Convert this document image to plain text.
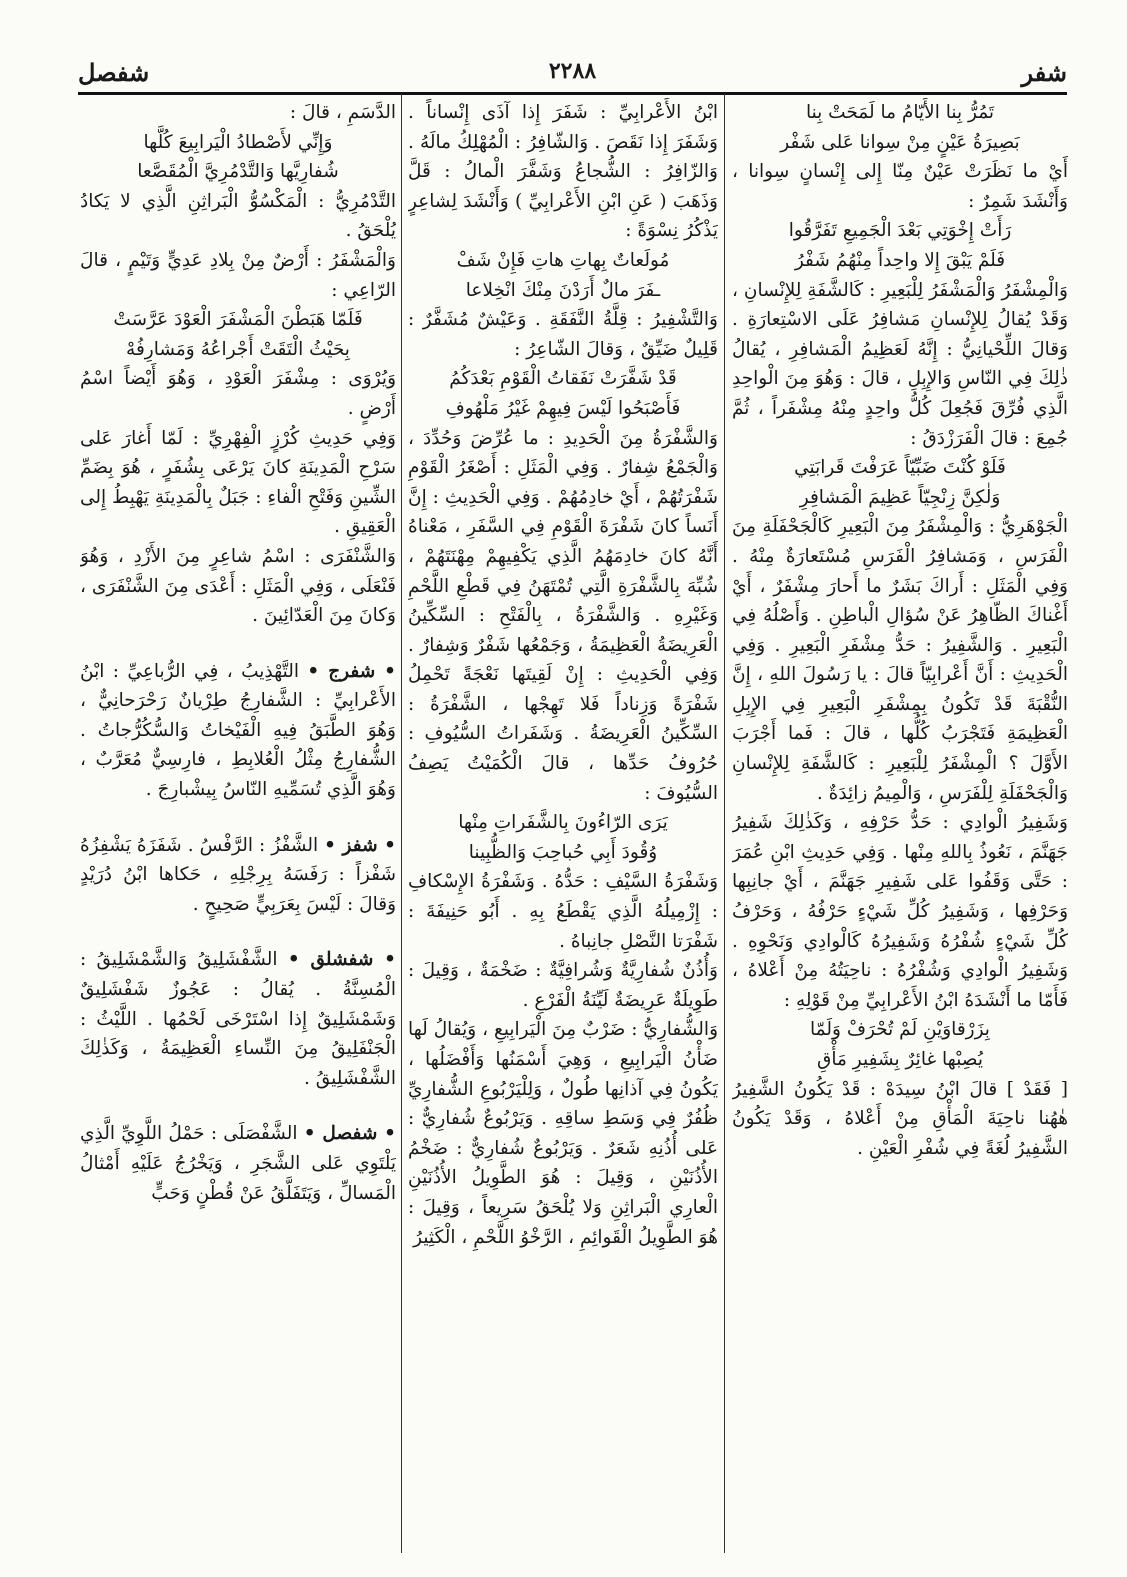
شفر
٢٢٨٨
شفصل

تَمُرُّ بِنا الأَيّامُ ما لَمَحَتْ بِنا

بَصِيرَةُ عَيْنٍ مِنْ سِوانا عَلى شَفْر

أَيْ ما نَظَرَتْ عَيْنٌ مِنّا إِلى إِنْسانٍ سِوانا ، وَأَنْشَدَ شَمِرٌ :

رَأَتْ إِخْوَتِي بَعْدَ الْجَمِيعِ تَفَرَّقُوا

فَلَمْ يَبْقَ إِلا واحِداً مِنْهُمُ شَفْرُ

وَالْمِشْفَرُ وَالْمَشْفَرُ لِلْبَعِيرِ : كَالشَّفَةِ لِلإِنْسانِ ، وَقَدْ يُقالُ لِلإِنْسانِ مَشافِرُ عَلَى الاسْتِعارَةِ . وَقالَ اللِّحْيانِيُّ : إِنَّهُ لَعَظِيمُ الْمَشافِرِ ، يُقالُ ذٰلِكَ فِي النّاسِ وَالإِبِلِ ، قالَ : وَهُوَ مِنَ الْواحِدِ الَّذِي فُرِّقَ فَجُعِلَ كُلُّ واحِدٍ مِنْهُ مِشْفَراً ، ثُمَّ جُمِعَ : قالَ الْفَرَزْدَقُ :

فَلَوْ كُنْتَ ضَبِّيّاً عَرَفْتَ قَرابَتِي

وَلٰكِنَّ زِنْجِيّاً عَظِيمَ الْمَشافِرِ

الْجَوْهَرِيُّ : وَالْمِشْفَرُ مِنَ الْبَعِيرِ كَالْجَحْفَلَةِ مِنَ الْفَرَسِ ، وَمَشافِرُ الْفَرَسِ مُسْتَعارَةٌ مِنْهُ . وَفِي الْمَثَلِ : أَراكَ بَشَرٌ ما أَحارَ مِشْفَرٌ ، أَيْ أَغْناكَ الظّاهِرُ عَنْ سُؤالِ الْباطِنِ . وَأَصْلُهُ فِي الْبَعِيرِ . وَالشَّفِيرُ : حَدُّ مِشْفَرِ الْبَعِيرِ . وَفِي الْحَدِيثِ : أَنَّ أَعْرابِيّاً قالَ : يا رَسُولَ اللهِ ، إِنَّ النُّقْبَةَ قَدْ تَكُونُ بِمِشْفَرِ الْبَعِيرِ فِي الإِبِلِ الْعَظِيمَةِ فَتَجْرَبُ كُلُّها ، قالَ : فَما أَجْرَبَ الأَوَّلَ ؟ الْمِشْفَرُ لِلْبَعِيرِ : كَالشَّفَةِ لِلإِنْسانِ وَالْجَحْفَلَةِ لِلْفَرَسِ ، وَالْمِيمُ زائِدَةٌ .

وَشَفِيرُ الْوادِي : حَدُّ حَرْفِهِ ، وَكَذٰلِكَ شَفِيرُ جَهَنَّمَ ، نَعُوذُ بِاللهِ مِنْها . وَفِي حَدِيثِ ابْنِ عُمَرَ : حَتَّى وَقَفُوا عَلى شَفِيرِ جَهَنَّمَ ، أَيْ جانِبِها وَحَرْفِها ، وَشَفِيرُ كُلِّ شَيْءٍ حَرْفُهُ ، وَحَرْفُ كُلِّ شَيْءٍ شُفْرُهُ وَشَفِيرُهُ كَالْوادِي وَنَحْوِهِ . وَشَفِيرُ الْوادِي وَشُفْرُهُ : ناحِيَتُهُ مِنْ أَعْلاهُ ، فَأَمّا ما أَنْشَدَهُ ابْنُ الأَعْرابِيِّ مِنْ قَوْلِهِ :

بِزَرْقاوَيْنِ لَمْ تُحْرَفْ وَلَمّا

يُصِبْها غائِرٌ بِشَفِيرِ مَأْقِ

[ فَقَدْ ] قالَ ابْنُ سِيدَهْ : قَدْ يَكُونُ الشَّفِيرُ هٰهُنا ناحِيَةَ الْمَأْقِ مِنْ أَعْلاهُ ، وَقَدْ يَكُونُ الشَّفِيرُ لُغَةً فِي شُفْرِ الْعَيْنِ .

ابْنُ الأَعْرابِيِّ : شَفَرَ إِذا آذَى إِنْساناً . وَشَفَرَ إِذا نَقَصَ . وَالشّافِرُ : الْمُهْلِكُ مالَهُ . وَالزّافِرُ : الشُّجاعُ وَشَفَّرَ الْمالُ : قَلَّ وَذَهَبَ ( عَنِ ابْنِ الأَعْرابِيِّ ) وَأَنْشَدَ لِشاعِرٍ يَذْكُرُ نِسْوَةً :

مُولَعاتٌ بِهاتِ هاتِ فَإِنْ شَفْ

ـفَرَ مالٌ أَرَدْنَ مِنْكَ انْخِلاعا

وَالتَّشْفِيرُ : قِلَّةُ النَّفَقَةِ . وَعَيْشٌ مُشَفَّرٌ : قَلِيلٌ ضَيِّقٌ ، وَقالَ الشّاعِرُ :

قَدْ شَفَّرَتْ نَفَقاتُ الْقَوْمِ بَعْدَكُمُ

فَأَصْبَحُوا لَيْسَ فِيهِمْ غَيْرُ مَلْهُوفِ

وَالشَّفْرَةُ مِنَ الْحَدِيدِ : ما عُرِّضَ وَحُدِّدَ ، وَالْجَمْعُ شِفارٌ . وَفِي الْمَثَلِ : أَصْغَرُ الْقَوْمِ شَفْرَتُهُمْ ، أَيْ خادِمُهُمْ . وَفِي الْحَدِيثِ : إِنَّ أَنَساً كانَ شَفْرَةَ الْقَوْمِ فِي السَّفَرِ ، مَعْناهُ أَنَّهُ كانَ خادِمَهُمُ الَّذِي يَكْفِيهِمْ مِهْنَتَهُمْ ، شُبِّهَ بِالشَّفْرَةِ الَّتِي تُمْتَهَنُ فِي قَطْعِ اللَّحْمِ وَغَيْرِهِ . وَالشَّفْرَةُ ، بِالْفَتْحِ : السِّكِّينُ الْعَرِيضَةُ الْعَظِيمَةُ ، وَجَمْعُها شَفْرٌ وَشِفارٌ . وَفِي الْحَدِيثِ : إِنْ لَقِيتَها نَعْجَةً تَحْمِلُ شَفْرَةً وَزِناداً فَلا تَهِجْها ، الشَّفْرَةُ : السِّكِّينُ الْعَرِيضَةُ . وَشَفَراتُ السُّيُوفِ : حُرُوفُ حَدِّها ، قالَ الْكُمَيْتُ يَصِفُ السُّيُوفَ :

يَرَى الرّاءُونَ بِالشَّفَراتِ مِنْها

وُقُودَ أَبِي حُباحِبَ وَالظُّبِينا

وَشَفْرَةُ السَّيْفِ : حَدُّهُ . وَشَفْرَةُ الإِسْكافِ : إِزْمِيلُهُ الَّذِي يَقْطَعُ بِهِ . أَبُو حَنِيفَةَ : شَفْرَتا النَّصْلِ جانِباهُ .

وَأُذُنٌ شُفارِيَّةٌ وَشُرافِيَّةٌ : ضَخْمَةٌ ، وَقِيلَ : طَوِيلَةٌ عَرِيضَةٌ لَيِّنَةُ الْفَرْعِ .

وَالشُّفارِيُّ : ضَرْبٌ مِنَ الْيَرابِيعِ ، وَيُقالُ لَها ضَأْنُ الْيَرابِيعِ ، وَهِيَ أَسْمَنُها وَأَفْضَلُها ، يَكُونُ فِي آذانِها طُولٌ ، وَلِلْيَرْبُوعِ الشُّفارِيِّ ظُفُرٌ فِي وَسَطِ ساقِهِ . وَيَرْبُوعٌ شُفارِيٌّ : عَلى أُذُنِهِ شَعَرٌ . وَيَرْبُوعٌ شُفارِيٌّ : ضَخْمُ الأُذُنَيْنِ ، وَقِيلَ : هُوَ الطَّوِيلُ الأُذُنَيْنِ الْعارِي الْبَراثِنِ وَلا يُلْحَقُ سَرِيعاً ، وَقِيلَ : هُوَ الطَّوِيلُ الْقَوائِمِ ، الرَّخْوُ اللَّحْمِ ، الْكَثِيرُ

الدَّسَمِ ، قالَ :

وَإِنِّي لأَصْطادُ الْيَرابِيعَ كُلَّها

شُفارِيَّها وَالتَّدْمُرِيَّ الْمُقَصَّعا

التَّدْمُرِيُّ : الْمَكْسُوُّ الْبَراثِنِ الَّذِي لا يَكادُ يُلْحَقُ .

وَالْمَشْفَرُ : أَرْضٌ مِنْ بِلادِ عَدِيٍّ وَتَيْمٍ ، قالَ الرّاعِي :

فَلَمّا هَبَطْنَ الْمَشْفَرَ الْعَوْدَ عَرَّسَتْ

بِحَيْثُ الْتَقَتْ أَجْراعُهُ وَمَشارِفُهْ

وَيُرْوَى : مِشْفَرَ الْعَوْدِ ، وَهُوَ أَيْضاً اسْمُ أَرْضٍ .

وَفِي حَدِيثِ كُرْزٍ الْفِهْرِيِّ : لَمّا أَغارَ عَلى سَرْحِ الْمَدِينَةِ كانَ يَرْعَى بِشُفَرٍ ، هُوَ بِضَمِّ الشِّينِ وَفَتْحِ الْفاءِ : جَبَلٌ بِالْمَدِينَةِ يَهْبِطُ إِلى الْعَقِيقِ .

وَالشَّنْفَرَى : اسْمُ شاعِرٍ مِنَ الأَزْدِ ، وَهُوَ فَنْعَلَى ، وَفِي الْمَثَلِ : أَعْدَى مِنَ الشَّنْفَرَى ، وَكانَ مِنَ الْعَدّائِينَ .

• شفرج • التَّهْذِيبُ ، فِي الرُّباعِيِّ : ابْنُ الأَعْرابِيِّ : الشَّفارِجُ طِرْيانٌ رَحْرَحانِيٌّ ، وَهُوَ الطَّبَقُ فِيهِ الْفَيْخاتُ وَالسُّكُرُّجاتُ . الشُّفارِجُ مِثْلُ الْعُلابِطِ ، فارِسِيٌّ مُعَرَّبٌ ، وَهُوَ الَّذِي تُسَمِّيهِ النّاسُ بِيشْبارِجَ .

• شفز • الشَّفْزُ : الرَّفْسُ . شَفَزَهُ يَشْفِزُهُ شَفْزاً : رَفَسَهُ بِرِجْلِهِ ، حَكاها ابْنُ دُرَيْدٍ وَقالَ : لَيْسَ بِعَرَبِيٍّ صَحِيحٍ .

• شفشلق • الشَّفْشَلِيقُ وَالشَّمْشَلِيقُ : الْمُسِنَّةُ . يُقالُ : عَجُوزٌ شَفْشَلِيقٌ وَشَمْشَلِيقٌ إِذا اسْتَرْخَى لَحْمُها . اللَّيْثُ : الْجَنْفَلِيقُ مِنَ النِّساءِ الْعَظِيمَةُ ، وَكَذٰلِكَ الشَّفْشَلِيقُ .

• شفصل • الشَّفْصَلَى : حَمْلُ اللَّوِيِّ الَّذِي يَلْتَوِي عَلى الشَّجَرِ ، وَيَخْرُجُ عَلَيْهِ أَمْثالُ الْمَسالِّ ، وَيَتَفَلَّقُ عَنْ قُطْنٍ وَحَبٍّ
